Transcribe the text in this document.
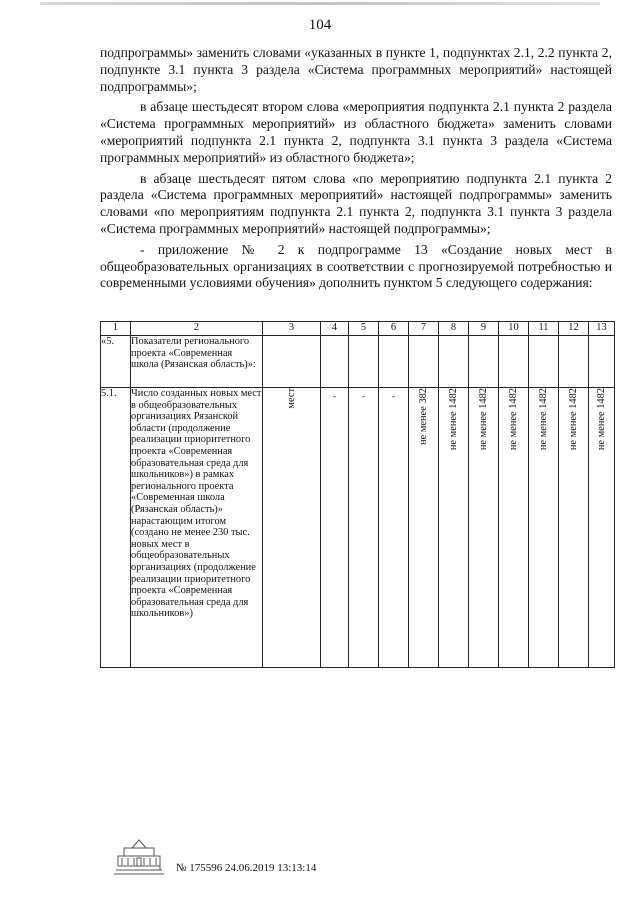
104

подпрограммы» заменить словами «указанных в пункте 1, подпунктах 2.1, 2.2 пункта 2, подпункте 3.1 пункта 3 раздела «Система программных мероприятий» настоящей подпрограммы»;

в абзаце шестьдесят втором слова «мероприятия подпункта 2.1 пункта 2 раздела «Система программных мероприятий» из областного бюджета» заменить словами «мероприятий подпункта 2.1 пункта 2, подпункта 3.1 пункта 3 раздела «Система программных мероприятий» из областного бюджета»;

в абзаце шестьдесят пятом слова «по мероприятию подпункта 2.1 пункта 2 раздела «Система программных мероприятий» настоящей подпрограммы» заменить словами «по мероприятиям подпункта 2.1 пункта 2, подпункта 3.1 пункта 3 раздела «Система программных мероприятий» настоящей подпрограммы»;

- приложение № 2 к подпрограмме 13 «Создание новых мест в общеобразовательных организациях в соответствии с прогнозируемой потребностью и современными условиями обучения» дополнить пунктом 5 следующего содержания:

1	2	3	4	5	6	7	8	9	10	11	12	13
«5.	Показатели регионального проекта «Современная школа (Рязанская область)»:											
5.1.	Число созданных новых мест в общеобразовательных организациях Рязанской области (продолжение реализации приоритетного проекта «Современная образовательная среда для школьников») в рамках регионального проекта «Современная школа (Рязанская область)» нарастающим итогом (создано не менее 230 тыс. новых мест в общеобразовательных организациях (продолжение реализации приоритетного проекта «Современная образовательная среда для школьников»)	мест	-	-	-	не менее 382	не менее 1482	не менее 1482	не менее 1482	не менее 1482	не менее 1482	не менее 1482
№ 175596 24.06.2019 13:13:14
